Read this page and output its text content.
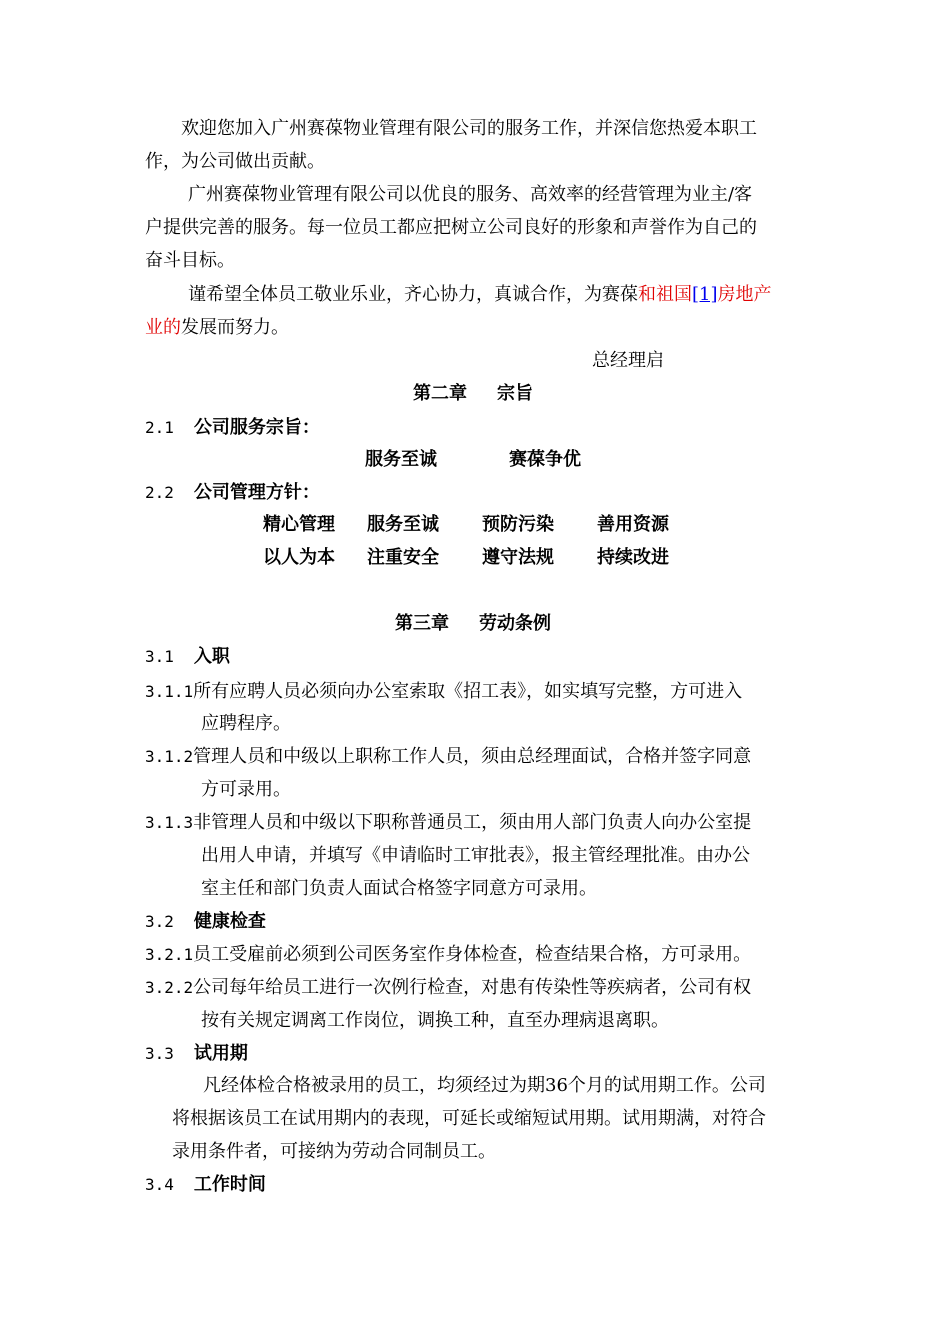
欢迎您加入广州赛葆物业管理有限公司的服务工作，并深信您热爱本职工
作，为公司做出贡献。
广州赛葆物业管理有限公司以优良的服务、高效率的经营管理为业主/客
户提供完善的服务。每一位员工都应把树立公司良好的形象和声誉作为自己的
奋斗目标。
谨希望全体员工敬业乐业，齐心协力，真诚合作，为赛葆和祖国[1]房地产
业的发展而努力。
总经理启
第二章 宗旨
2.1 公司服务宗旨：
服务至诚	赛葆争优
2.2 公司管理方针：
精心管理 服务至诚 预防污染 善用资源
以人为本 注重安全 遵守法规 持续改进
第三章 劳动条例
3.1 入职
3.1.1所有应聘人员必须向办公室索取《招工表》，如实填写完整，方可进入
应聘程序。
3.1.2管理人员和中级以上职称工作人员，须由总经理面试，合格并签字同意
方可录用。
3.1.3非管理人员和中级以下职称普通员工，须由用人部门负责人向办公室提
出用人申请，并填写《申请临时工审批表》，报主管经理批准。由办公
室主任和部门负责人面试合格签字同意方可录用。
3.2 健康检查
3.2.1员工受雇前必须到公司医务室作身体检查，检查结果合格，方可录用。
3.2.2公司每年给员工进行一次例行检查，对患有传染性等疾病者，公司有权
按有关规定调离工作岗位，调换工种，直至办理病退离职。
3.3 试用期
凡经体检合格被录用的员工，均须经过为期36个月的试用期工作。公司
将根据该员工在试用期内的表现，可延长或缩短试用期。试用期满，对符合
录用条件者，可接纳为劳动合同制员工。
3.4 工作时间
